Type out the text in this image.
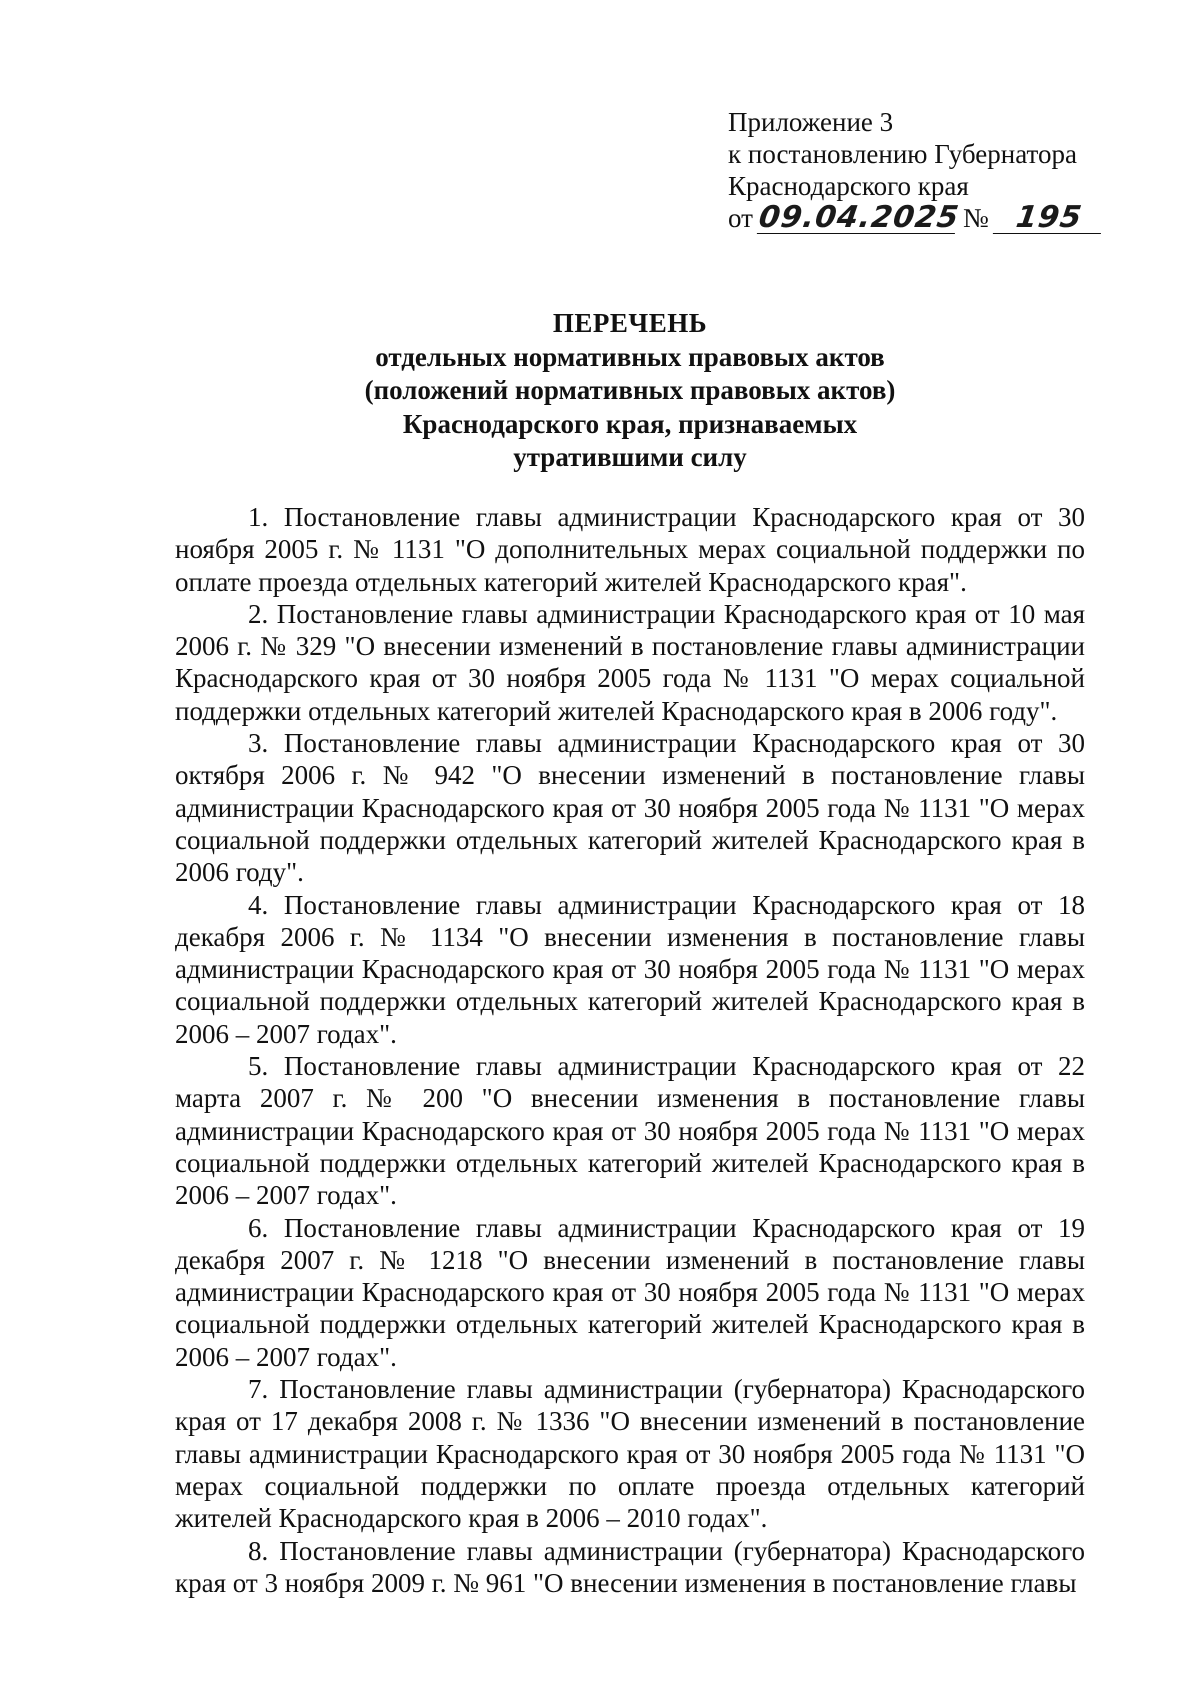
Приложение 3
к постановлению Губернатора
Краснодарского края
от 09.04.2025 № 195
ПЕРЕЧЕНЬ
отдельных нормативных правовых актов
(положений нормативных правовых актов)
Краснодарского края, признаваемых
утратившими силу

1. Постановление главы администрации Краснодарского края от 30 ноября 2005 г. № 1131 "О дополнительных мерах социальной поддержки по оплате проезда отдельных категорий жителей Краснодарского края".

2. Постановление главы администрации Краснодарского края от 10 мая 2006 г. № 329 "О внесении изменений в постановление главы администрации Краснодарского края от 30 ноября 2005 года № 1131 "О мерах социальной поддержки отдельных категорий жителей Краснодарского края в 2006 году".

3. Постановление главы администрации Краснодарского края от 30 октября 2006 г. № 942 "О внесении изменений в постановление главы администрации Краснодарского края от 30 ноября 2005 года № 1131 "О мерах социальной поддержки отдельных категорий жителей Краснодарского края в 2006 году".

4. Постановление главы администрации Краснодарского края от 18 декабря 2006 г. № 1134 "О внесении изменения в постановление главы администрации Краснодарского края от 30 ноября 2005 года № 1131 "О мерах социальной поддержки отдельных категорий жителей Краснодарского края в 2006 – 2007 годах".

5. Постановление главы администрации Краснодарского края от 22 марта 2007 г. № 200 "О внесении изменения в постановление главы администрации Краснодарского края от 30 ноября 2005 года № 1131 "О мерах социальной поддержки отдельных категорий жителей Краснодарского края в 2006 – 2007 годах".

6. Постановление главы администрации Краснодарского края от 19 декабря 2007 г. № 1218 "О внесении изменений в постановление главы администрации Краснодарского края от 30 ноября 2005 года № 1131 "О мерах социальной поддержки отдельных категорий жителей Краснодарского края в 2006 – 2007 годах".

7. Постановление главы администрации (губернатора) Краснодарского края от 17 декабря 2008 г. № 1336 "О внесении изменений в постановление главы администрации Краснодарского края от 30 ноября 2005 года № 1131 "О мерах социальной поддержки по оплате проезда отдельных категорий жителей Краснодарского края в 2006 – 2010 годах".

8. Постановление главы администрации (губернатора) Краснодарского края от 3 ноября 2009 г. № 961 "О внесении изменения в постановление главы
